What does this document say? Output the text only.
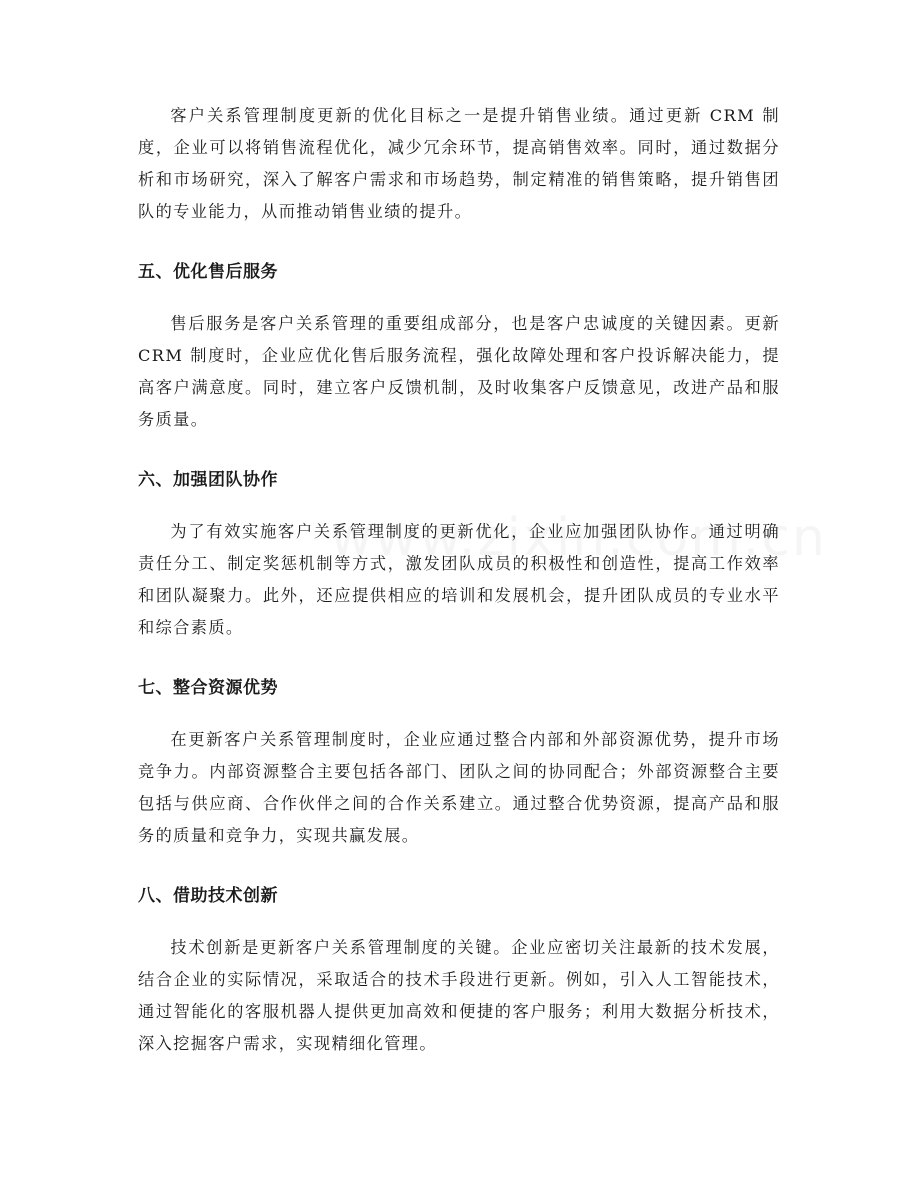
客户关系管理制度更新的优化目标之一是提升销售业绩。通过更新 CRM 制度，企业可以将销售流程优化，减少冗余环节，提高销售效率。同时，通过数据分析和市场研究，深入了解客户需求和市场趋势，制定精准的销售策略，提升销售团队的专业能力，从而推动销售业绩的提升。

五、优化售后服务

售后服务是客户关系管理的重要组成部分，也是客户忠诚度的关键因素。更新 CRM 制度时，企业应优化售后服务流程，强化故障处理和客户投诉解决能力，提高客户满意度。同时，建立客户反馈机制，及时收集客户反馈意见，改进产品和服务质量。

六、加强团队协作

为了有效实施客户关系管理制度的更新优化，企业应加强团队协作。通过明确责任分工、制定奖惩机制等方式，激发团队成员的积极性和创造性，提高工作效率和团队凝聚力。此外，还应提供相应的培训和发展机会，提升团队成员的专业水平和综合素质。

七、整合资源优势

在更新客户关系管理制度时，企业应通过整合内部和外部资源优势，提升市场竞争力。内部资源整合主要包括各部门、团队之间的协同配合；外部资源整合主要包括与供应商、合作伙伴之间的合作关系建立。通过整合优势资源，提高产品和服务的质量和竞争力，实现共赢发展。

八、借助技术创新

技术创新是更新客户关系管理制度的关键。企业应密切关注最新的技术发展，结合企业的实际情况，采取适合的技术手段进行更新。例如，引入人工智能技术，通过智能化的客服机器人提供更加高效和便捷的客户服务；利用大数据分析技术，深入挖掘客户需求，实现精细化管理。
